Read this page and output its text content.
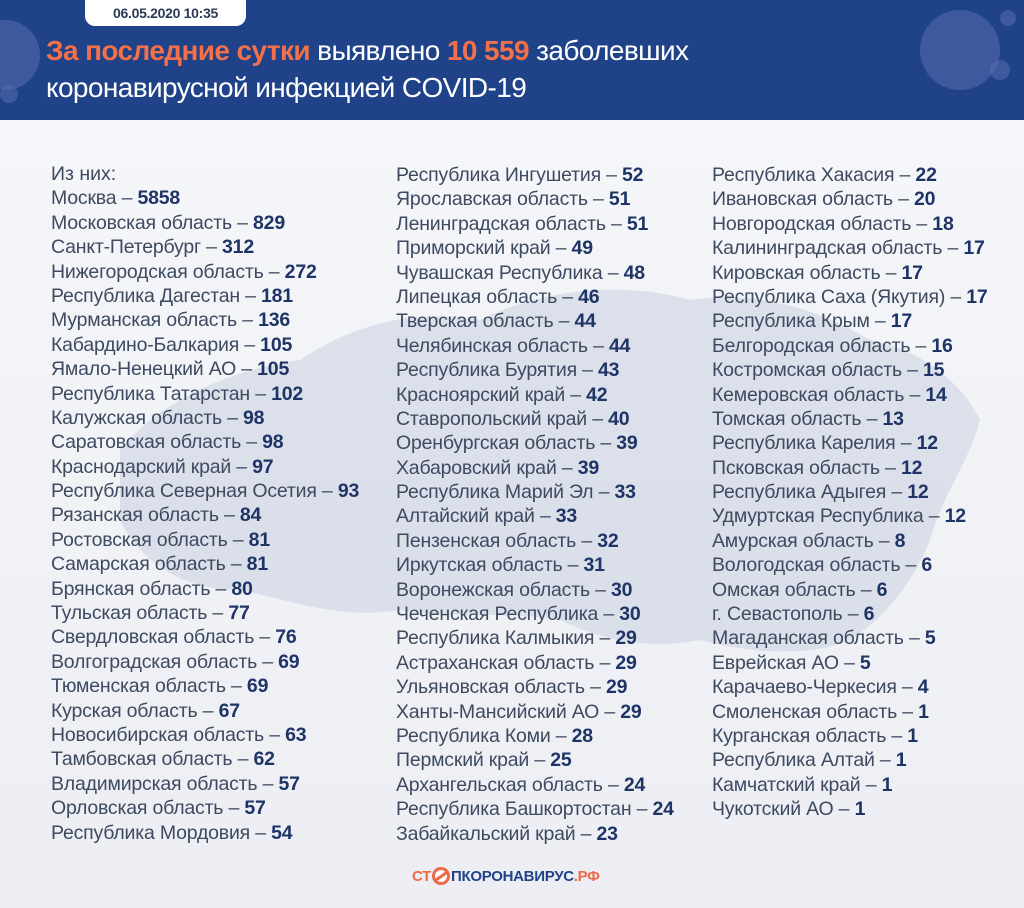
06.05.2020 10:35
За последние сутки выявлено 10 559 заболевших
коронавирусной инфекцией COVID-19
Из них:
Москва – 5858
Московская область – 829
Санкт-Петербург – 312
Нижегородская область – 272
Республика Дагестан – 181
Мурманская область – 136
Кабардино-Балкария – 105
Ямало-Ненецкий АО – 105
Республика Татарстан – 102
Калужская область – 98
Саратовская область – 98
Краснодарский край – 97
Республика Северная Осетия – 93
Рязанская область – 84
Ростовская область – 81
Самарская область – 81
Брянская область – 80
Тульская область – 77
Свердловская область – 76
Волгоградская область – 69
Тюменская область – 69
Курская область – 67
Новосибирская область – 63
Тамбовская область – 62
Владимирская область – 57
Орловская область – 57
Республика Мордовия – 54
Республика Ингушетия – 52
Ярославская область – 51
Ленинградская область – 51
Приморский край – 49
Чувашская Республика – 48
Липецкая область – 46
Тверская область – 44
Челябинская область – 44
Республика Бурятия – 43
Красноярский край – 42
Ставропольский край – 40
Оренбургская область – 39
Хабаровский край – 39
Республика Марий Эл – 33
Алтайский край – 33
Пензенская область – 32
Иркутская область – 31
Воронежская область – 30
Чеченская Республика – 30
Республика Калмыкия – 29
Астраханская область – 29
Ульяновская область – 29
Ханты-Мансийский АО – 29
Республика Коми – 28
Пермский край – 25
Архангельская область – 24
Республика Башкортостан – 24
Забайкальский край – 23
Республика Хакасия – 22
Ивановская область – 20
Новгородская область – 18
Калининградская область – 17
Кировская область – 17
Республика Саха (Якутия) – 17
Республика Крым – 17
Белгородская область – 16
Костромская область – 15
Кемеровская область – 14
Томская область – 13
Республика Карелия – 12
Псковская область – 12
Республика Адыгея – 12
Удмуртская Республика – 12
Амурская область – 8
Вологодская область – 6
Омская область – 6
г. Севастополь – 6
Магаданская область – 5
Еврейская АО – 5
Карачаево-Черкесия – 4
Смоленская область – 1
Курганская область – 1
Республика Алтай – 1
Камчатский край – 1
Чукотский АО – 1
СТ ПКОРОНАВИРУС .РФ
